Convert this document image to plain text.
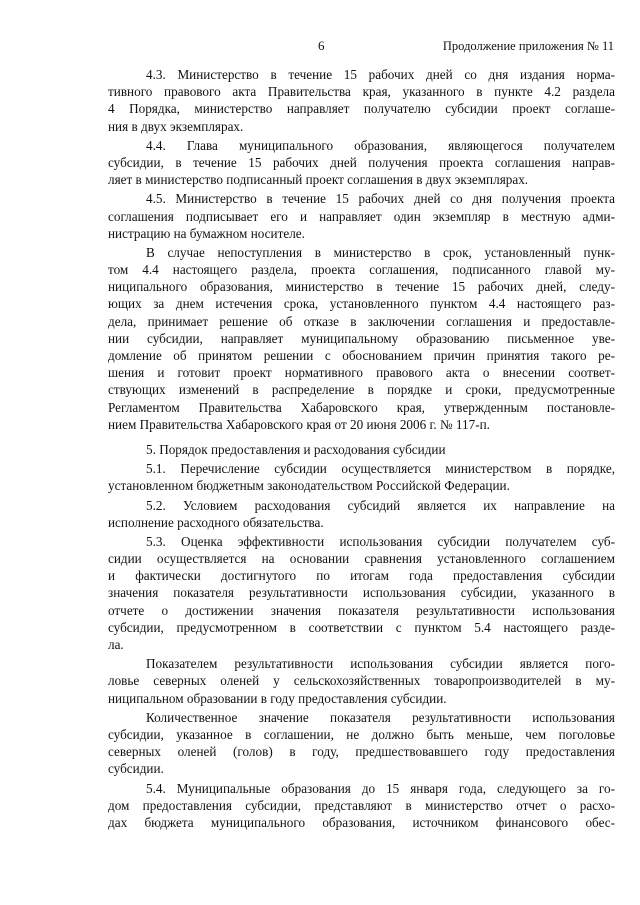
6	Продолжение приложения № 11
4.3. Министерство в течение 15 рабочих дней со дня издания норма-
тивного правового акта Правительства края, указанного в пункте 4.2 раздела
4 Порядка, министерство направляет получателю субсидии проект соглаше-
ния в двух экземплярах.
4.4. Глава муниципального образования, являющегося получателем
субсидии, в течение 15 рабочих дней получения проекта соглашения направ-
ляет в министерство подписанный проект соглашения в двух экземплярах.
4.5. Министерство в течение 15 рабочих дней со дня получения проекта
соглашения подписывает его и направляет один экземпляр в местную адми-
нистрацию на бумажном носителе.
В случае непоступления в министерство в срок, установленный пунк-
том 4.4 настоящего раздела, проекта соглашения, подписанного главой му-
ниципального образования, министерство в течение 15 рабочих дней, следу-
ющих за днем истечения срока, установленного пунктом 4.4 настоящего раз-
дела, принимает решение об отказе в заключении соглашения и предоставле-
нии субсидии, направляет муниципальному образованию письменное уве-
домление об принятом решении с обоснованием причин принятия такого ре-
шения и готовит проект нормативного правового акта о внесении соответ-
ствующих изменений в распределение в порядке и сроки, предусмотренные
Регламентом Правительства Хабаровского края, утвержденным постановле-
нием Правительства Хабаровского края от 20 июня 2006 г. № 117-п.
5. Порядок предоставления и расходования субсидии
5.1. Перечисление субсидии осуществляется министерством в порядке,
установленном бюджетным законодательством Российской Федерации.
5.2. Условием расходования субсидий является их направление на
исполнение расходного обязательства.
5.3. Оценка эффективности использования субсидии получателем суб-
сидии осуществляется на основании сравнения установленного соглашением
и фактически достигнутого по итогам года предоставления субсидии
значения показателя результативности использования субсидии, указанного в
отчете о достижении значения показателя результативности использования
субсидии, предусмотренном в соответствии с пунктом 5.4 настоящего разде-
ла.
Показателем результативности использования субсидии является пого-
ловье северных оленей у сельскохозяйственных товаропроизводителей в му-
ниципальном образовании в году предоставления субсидии.
Количественное значение показателя результативности использования
субсидии, указанное в соглашении, не должно быть меньше, чем поголовье
северных оленей (голов) в году, предшествовавшего году предоставления
субсидии.
5.4. Муниципальные образования до 15 января года, следующего за го-
дом предоставления субсидии, представляют в министерство отчет о расхо-
дах бюджета муниципального образования, источником финансового обес-
